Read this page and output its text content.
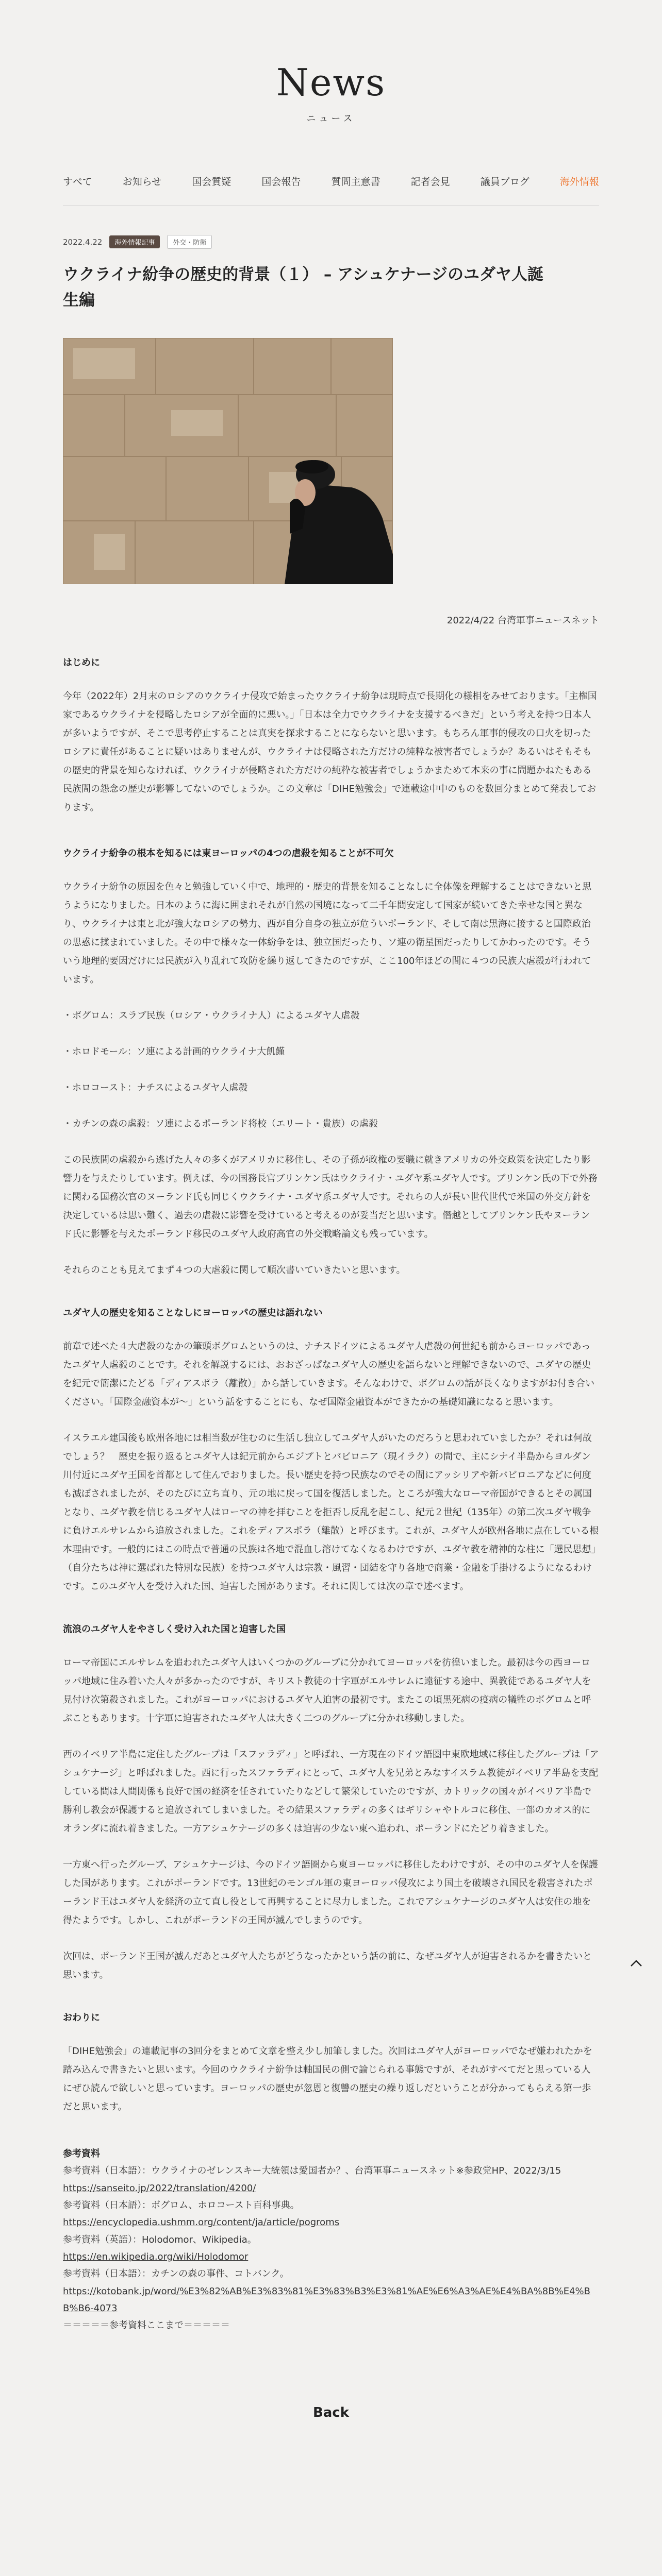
News
ニュース
すべて	お知らせ	国会質疑	国会報告	質問主意書	記者会見	議員ブログ	海外情報
2022.4.22	海外情報記事	外交・防衛
ウクライナ紛争の歴史的背景（１） – アシュケナージのユダヤ人誕生編

2022/4/22 台湾軍事ニュースネット

はじめに

今年（2022年）2月末のロシアのウクライナ侵攻で始まったウクライナ紛争は現時点で長期化の様相をみせております。「主権国家であるウクライナを侵略したロシアが全面的に悪い。」「日本は全力でウクライナを支援するべきだ」という考えを持つ日本人が多いようですが、そこで思考停止することは真実を探求することにならないと思います。もちろん軍事的侵攻の口火を切ったロシアに責任があることに疑いはありませんが、ウクライナは侵略された方だけの純粋な被害者でしょうか？あるいはそもそもの歴史的背景を知らなければ、ウクライナが侵略された方だけの純粋な被害者でしょうかまためて本来の事に問題かねたもある民族間の怨念の歴史が影響してないのでしょうか。この文章は「DIHE勉強会」で連載途中中のものを数回分まとめて発表しております。

ウクライナ紛争の根本を知るには東ヨーロッパの4つの虐殺を知ることが不可欠

ウクライナ紛争の原因を色々と勉強していく中で、地理的・歴史的背景を知ることなしに全体像を理解することはできないと思うようになりました。日本のように海に囲まれそれが自然の国境になって二千年間安定して国家が続いてきた幸せな国と異なり、ウクライナは東と北が強大なロシアの勢力、西が自分自身の独立が危ういポーランド、そして南は黒海に接すると国際政治の思惑に揉まれていました。その中で様々な一体紛争をは、独立国だったり、ソ連の衛星国だったりしてかわったのです。そういう地理的要因だけには民族が入り乱れて攻防を繰り返してきたのですが、ここ100年ほどの間に４つの民族大虐殺が行われています。

・ボグロム：スラブ民族（ロシア・ウクライナ人）によるユダヤ人虐殺

・ホロドモール：ソ連による計画的ウクライナ大飢饉

・ホロコースト：ナチスによるユダヤ人虐殺

・カチンの森の虐殺：ソ連によるポーランド将校（エリート・貴族）の虐殺

この民族間の虐殺から逃げた人々の多くがアメリカに移住し、その子孫が政権の要職に就きアメリカの外交政策を決定したり影響力を与えたりしています。例えば、今の国務長官ブリンケン氏はウクライナ・ユダヤ系ユダヤ人です。ブリンケン氏の下で外務に関わる国務次官のヌーランド氏も同じくウクライナ・ユダヤ系ユダヤ人です。それらの人が長い世代世代で米国の外交方針を決定しているは思い難く、過去の虐殺に影響を受けていると考えるのが妥当だと思います。僭越としてブリンケン氏やヌーランド氏に影響を与えたポーランド移民のユダヤ人政府高官の外交戦略論文も残っています。

それらのことも見えてまず４つの大虐殺に関して順次書いていきたいと思います。

ユダヤ人の歴史を知ることなしにヨーロッパの歴史は語れない

前章で述べた４大虐殺のなかの筆頭ボグロムというのは、ナチスドイツによるユダヤ人虐殺の何世紀も前からヨーロッパであったユダヤ人虐殺のことです。それを解説するには、おおざっぱなユダヤ人の歴史を語らないと理解できないので、ユダヤの歴史を紀元で簡潔にたどる「ディアスポラ（離散）」から話していきます。そんなわけで、ボグロムの話が長くなりますがお付き合いください。「国際金融資本が〜」という話をすることにも、なぜ国際金融資本ができたかの基礎知識になると思います。

イスラエル建国後も欧州各地には相当数が住むのに生活し独立してユダヤ人がいたのだろうと思われていましたか？それは何故でしょう？　歴史を振り返るとユダヤ人は紀元前からエジプトとバビロニア（現イラク）の間で、主にシナイ半島からヨルダン川付近にユダヤ王国を首都として住んでおりました。長い歴史を持つ民族なのでその間にアッシリアや新バビロニアなどに何度も滅ぼされましたが、そのたびに立ち直り、元の地に戻って国を復活しました。ところが強大なローマ帝国ができるとその属国となり、ユダヤ教を信じるユダヤ人はローマの神を拝むことを拒否し反乱を起こし、紀元２世紀（135年）の第二次ユダヤ戦争に負けエルサレムから追放されました。これをディアスポラ（離散）と呼びます。これが、ユダヤ人が欧州各地に点在している根本理由です。一般的にはこの時点で普通の民族は各地で混血し溶けてなくなるわけですが、ユダヤ教を精神的な柱に「選民思想」（自分たちは神に選ばれた特別な民族）を持つユダヤ人は宗教・風習・団結を守り各地で商業・金融を手掛けるようになるわけです。このユダヤ人を受け入れた国、迫害した国があります。それに関しては次の章で述べます。

流浪のユダヤ人をやさしく受け入れた国と迫害した国

ローマ帝国にエルサレムを追われたユダヤ人はいくつかのグループに分かれてヨーロッパを彷徨いました。最初は今の西ヨーロッパ地域に住み着いた人々が多かったのですが、キリスト教徒の十字軍がエルサレムに遠征する途中、異教徒であるユダヤ人を見付け次第殺されました。これがヨーロッパにおけるユダヤ人迫害の最初です。またこの頃黒死病の疫病の犠牲のボグロムと呼ぶこともあります。十字軍に迫害されたユダヤ人は大きく二つのグループに分かれ移動しました。

西のイベリア半島に定住したグループは「スファラディ」と呼ばれ、一方現在のドイツ語圏中東欧地域に移住したグループは「アシュケナージ」と呼ばれました。西に行ったスファラディにとって、ユダヤ人を兄弟とみなすイスラム教徒がイベリア半島を支配している間は人間関係も良好で国の経済を任されていたりなどして繁栄していたのですが、カトリックの国々がイベリア半島で勝利し教会が保護すると追放されてしまいました。その結果スファラディの多くはギリシャやトルコに移住、一部のカオス的にオランダに流れ着きました。一方アシュケナージの多くは迫害の少ない東へ追われ、ポーランドにたどり着きました。

一方東へ行ったグループ、アシュケナージは、今のドイツ語圏から東ヨーロッパに移住したわけですが、その中のユダヤ人を保護した国があります。これがポーランドです。13世紀のモンゴル軍の東ヨーロッパ侵攻により国土を破壊され国民を殺害されたポーランド王はユダヤ人を経済の立て直し役として再興することに尽力しました。これでアシュケナージのユダヤ人は安住の地を得たようです。しかし、これがポーランドの王国が滅んでしまうのです。

次回は、ポーランド王国が滅んだあとユダヤ人たちがどうなったかという話の前に、なぜユダヤ人が迫害されるかを書きたいと思います。

おわりに

「DIHE勉強会」の連載記事の3回分をまとめて文章を整え少し加筆しました。次回はユダヤ人がヨーロッパでなぜ嫌われたかを踏み込んで書きたいと思います。今回のウクライナ紛争は軸国民の側で論じられる事態ですが、それがすべてだと思っている人にぜひ読んで欲しいと思っています。ヨーロッパの歴史が忽恩と復讐の歴史の繰り返しだということが分かってもらえる第一歩だと思います。

参考資料
参考資料（日本語）：ウクライナのゼレンスキー大統領は愛国者か？、台湾軍事ニュースネット※参政党HP、2022/3/15
https://sanseito.jp/2022/translation/4200/
参考資料（日本語）：ボグロム、ホロコースト百科事典。
https://encyclopedia.ushmm.org/content/ja/article/pogroms
参考資料（英語）：Holodomor、Wikipedia。
https://en.wikipedia.org/wiki/Holodomor
参考資料（日本語）：カチンの森の事件、コトバンク。
https://kotobank.jp/word/%E3%82%AB%E3%83%81%E3%83%B3%E3%81%AE%E6%A3%AE%E4%BA%8B%E4%BB%B6-4073
＝＝＝＝＝参考資料ここまで＝＝＝＝＝
Back
